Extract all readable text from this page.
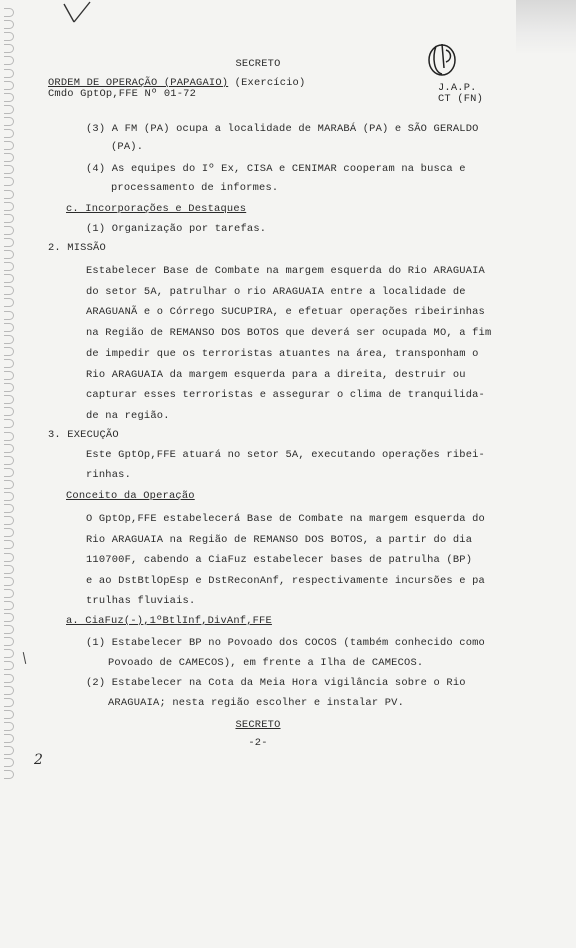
SECRETO
ORDEM DE OPERAÇÃO (PAPAGAIO) (Exercício)
Cmdo GptOp,FFE Nº 01-72	J.A.P.
CT (FN)
(3) A FM (PA) ocupa a localidade de MARABÁ (PA) e SÃO GERALDO
(PA).
(4) As equipes do Iº Ex, CISA e CENIMAR cooperam na busca e
processamento de informes.
c. Incorporações e Destaques
(1) Organização por tarefas.
2. MISSÃO
Estabelecer Base de Combate na margem esquerda do Rio ARAGUAIA
do setor 5A, patrulhar o rio ARAGUAIA entre a localidade de
ARAGUANÃ e o Córrego SUCUPIRA, e efetuar operações ribeirinhas
na Região de REMANSO DOS BOTOS que deverá ser ocupada MO, a fim
de impedir que os terroristas atuantes na área, transponham o
Rio ARAGUAIA da margem esquerda para a direita, destruir ou
capturar esses terroristas e assegurar o clima de tranquilida-
de na região.
3. EXECUÇÃO
Este GptOp,FFE atuará no setor 5A, executando operações ribei-
rinhas.
Conceito da Operação
O GptOp,FFE estabelecerá Base de Combate na margem esquerda do
Rio ARAGUAIA na Região de REMANSO DOS BOTOS, a partir do dia
110700F, cabendo a CiaFuz estabelecer bases de patrulha (BP)
e ao DstBtlOpEsp e DstReconAnf, respectivamente incursões e pa
trulhas fluviais.
a. CiaFuz(-),1ºBtlInf,DivAnf,FFE
(1) Estabelecer BP no Povoado dos COCOS (também conhecido como
Povoado de CAMECOS), em frente a Ilha de CAMECOS.
(2) Estabelecer na Cota da Meia Hora vigilância sobre o Rio
ARAGUAIA; nesta região escolher e instalar PV.
SECRETO
-2-
2
